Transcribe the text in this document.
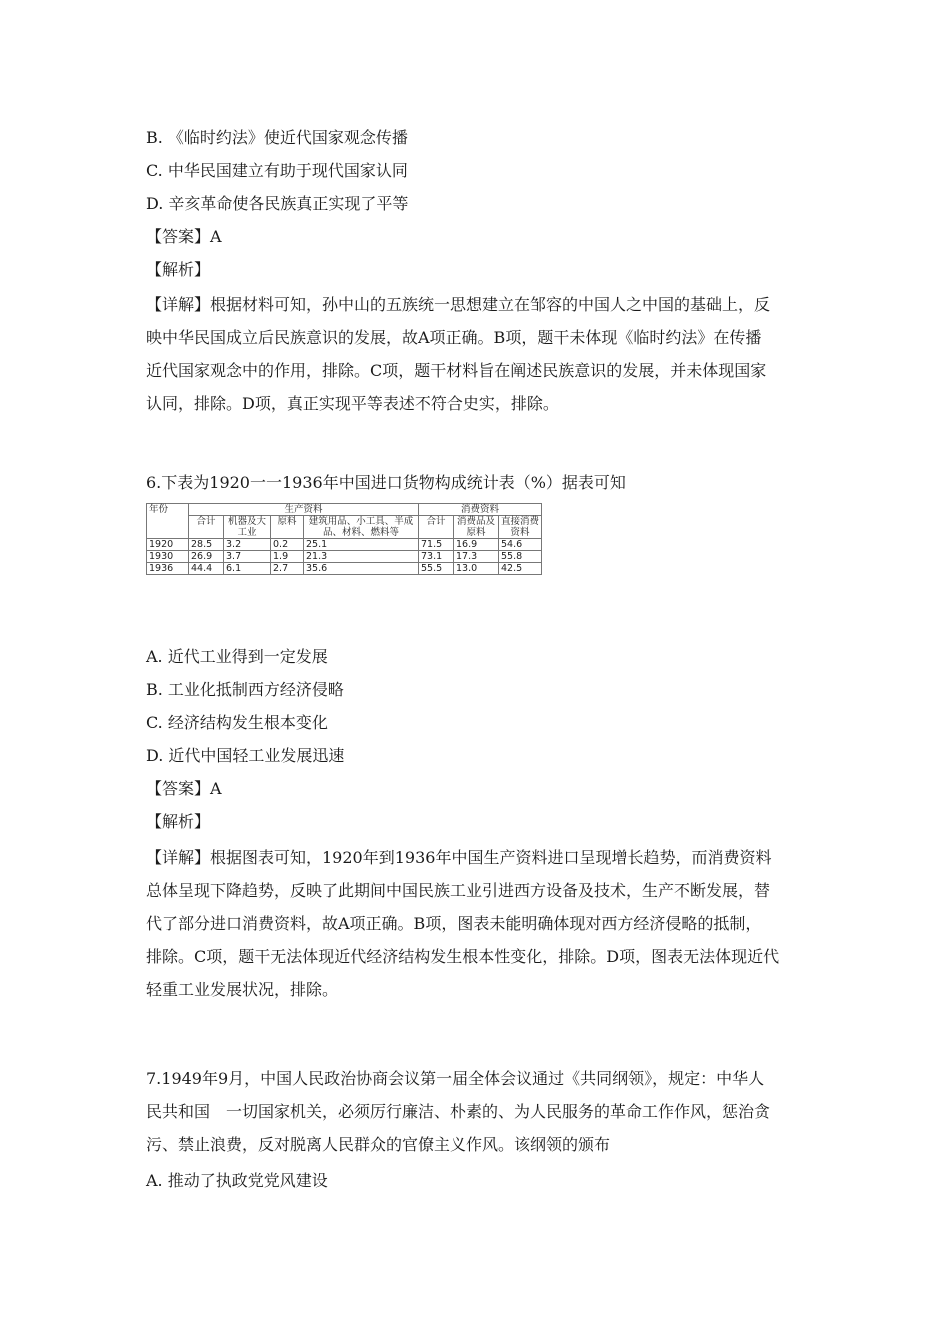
B. 《临时约法》使近代国家观念传播
C. 中华民国建立有助于现代国家认同
D. 辛亥革命使各民族真正实现了平等
【答案】A
【解析】
【详解】根据材料可知，孙中山的五族统一思想建立在邹容的中国人之中国的基础上，反
映中华民国成立后民族意识的发展，故A项正确。B项，题干未体现《临时约法》在传播
近代国家观念中的作用，排除。C项，题干材料旨在阐述民族意识的发展，并未体现国家
认同，排除。D项，真正实现平等表述不符合史实，排除。
6.下表为1920一一1936年中国进口货物构成统计表（%）据表可知
年份	生产资料				消费资料		
	合计	机器及大工业	原料	建筑用品、小工具、半成品、材料、燃料等	合计	消费品及原料	直接消费资料
1920	28.5	3.2	0.2	25.1	71.5	16.9	54.6
1930	26.9	3.7	1.9	21.3	73.1	17.3	55.8
1936	44.4	6.1	2.7	35.6	55.5	13.0	42.5
A. 近代工业得到一定发展
B. 工业化抵制西方经济侵略
C. 经济结构发生根本变化
D. 近代中国轻工业发展迅速
【答案】A
【解析】
【详解】根据图表可知，1920年到1936年中国生产资料进口呈现增长趋势，而消费资料
总体呈现下降趋势，反映了此期间中国民族工业引进西方设备及技术，生产不断发展，替
代了部分进口消费资料，故A项正确。B项，图表未能明确体现对西方经济侵略的抵制，
排除。C项，题干无法体现近代经济结构发生根本性变化，排除。D项，图表无法体现近代
轻重工业发展状况，排除。
7.1949年9月，中国人民政治协商会议第一届全体会议通过《共同纲领》，规定：中华人
民共和国　一切国家机关，必须厉行廉洁、朴素的、为人民服务的革命工作作风，惩治贪
污、禁止浪费，反对脱离人民群众的官僚主义作风。该纲领的颁布
A. 推动了执政党党风建设
